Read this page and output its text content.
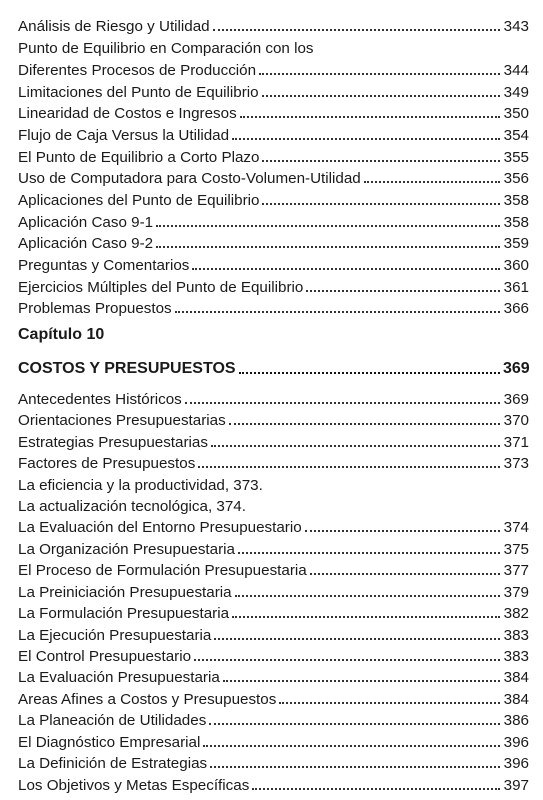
Análisis de Riesgo y Utilidad	343
Punto de Equilibrio en Comparación con los
Diferentes Procesos de Producción	344
Limitaciones del Punto de Equilibrio	349
Linearidad de Costos e Ingresos	350
Flujo de Caja Versus la Utilidad	354
El Punto de Equilibrio a Corto Plazo	355
Uso de Computadora para Costo-Volumen-Utilidad	356
Aplicaciones del Punto de Equilibrio	358
Aplicación Caso 9-1	358
Aplicación Caso 9-2	359
Preguntas y Comentarios	360
Ejercicios Múltiples del Punto de Equilibrio	361
Problemas Propuestos	366
Capítulo 10
COSTOS Y PRESUPUESTOS	369
Antecedentes Históricos	369
Orientaciones Presupuestarias	370
Estrategias Presupuestarias	371
Factores de Presupuestos	373
La eficiencia y la productividad, 373.
La actualización tecnológica, 374.
La Evaluación del Entorno Presupuestario	374
La Organización Presupuestaria	375
El Proceso de Formulación Presupuestaria	377
La Preiniciación Presupuestaria	379
La Formulación Presupuestaria	382
La Ejecución Presupuestaria	383
El Control Presupuestario	383
La Evaluación Presupuestaria	384
Areas Afines a Costos y Presupuestos	384
La Planeación de Utilidades	386
El Diagnóstico Empresarial	396
La Definición de Estrategias	396
Los Objetivos y Metas Específicas	397
